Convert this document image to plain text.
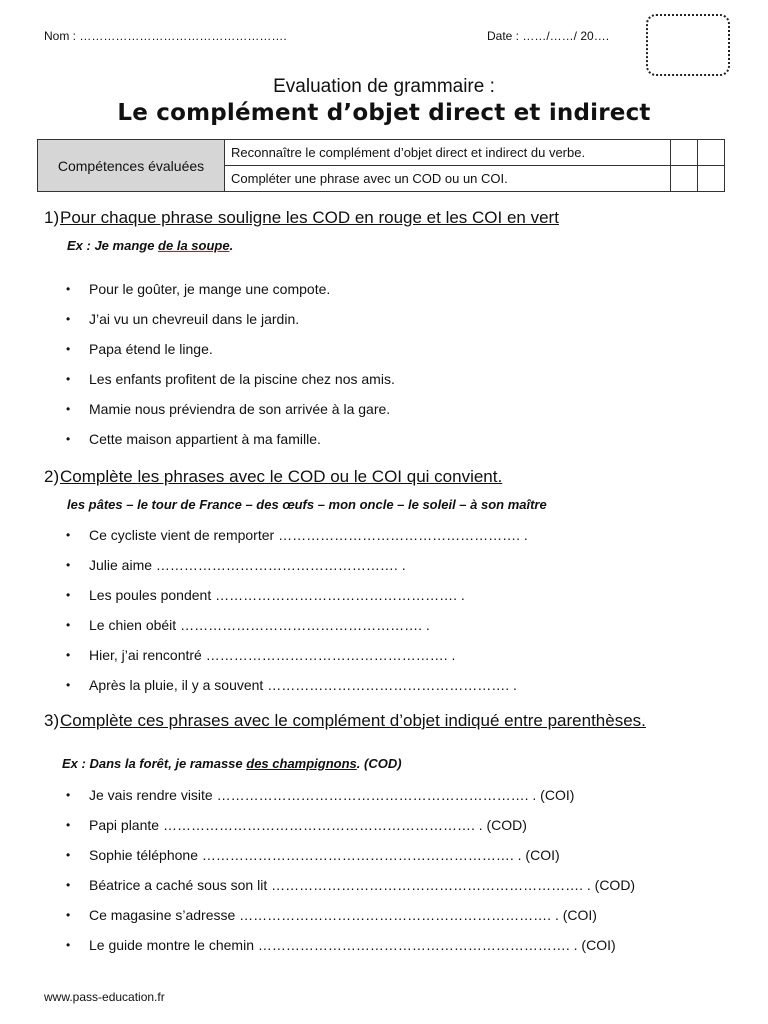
Nom : …………………………………………….	Date : ……/……/ 20….
Evaluation de grammaire :
Le complément d’objet direct et indirect
Compétences évaluées	Reconnaître le complément d’objet direct et indirect du verbe.		
	Compléter une phrase avec un COD ou un COI.		
1) Pour chaque phrase souligne les COD en rouge et les COI en vert
Ex : Je mange de la soupe.
• Pour le goûter, je mange une compote.
• J’ai vu un chevreuil dans le jardin.
• Papa étend le linge.
• Les enfants profitent de la piscine chez nos amis.
• Mamie nous préviendra de son arrivée à la gare.
• Cette maison appartient à ma famille.
2) Complète les phrases avec le COD ou le COI qui convient.
les pâtes – le tour de France – des œufs – mon oncle – le soleil – à son maître
• Ce cycliste vient de remporter ……………………………………………. .
• Julie aime ……………………………………………. .
• Les poules pondent ……………………………………………. .
• Le chien obéit ……………………………………………. .
• Hier, j’ai rencontré ……………………………………………. .
• Après la pluie, il y a souvent ……………………………………………. .
3) Complète ces phrases avec le complément d’objet indiqué entre parenthèses.
Ex : Dans la forêt, je ramasse des champignons. (COD)
• Je vais rendre visite …………………………………………………………. . (COI)
• Papi plante …………………………………………………………. . (COD)
• Sophie téléphone …………………………………………………………. . (COI)
• Béatrice a caché sous son lit …………………………………………………………. . (COD)
• Ce magasine s’adresse …………………………………………………………. . (COI)
• Le guide montre le chemin …………………………………………………………. . (COI)
www.pass-education.fr
